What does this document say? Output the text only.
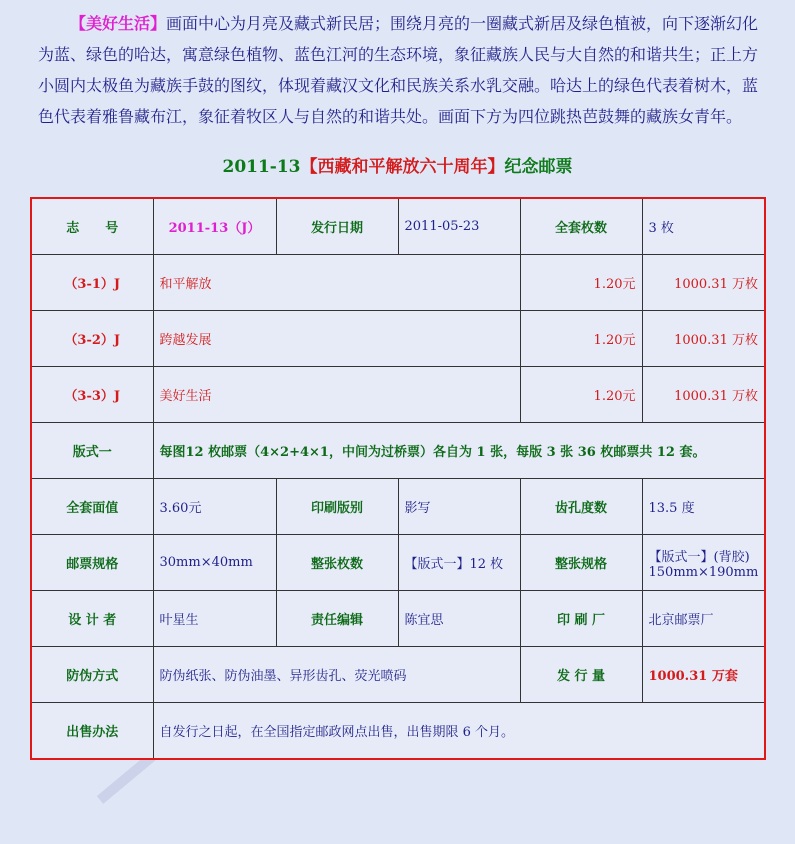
【美好生活】画面中心为月亮及藏式新民居；围绕月亮的一圈藏式新居及绿色植被，向下逐渐幻化为蓝、绿色的哈达，寓意绿色植物、蓝色江河的生态环境，象征藏族人民与大自然的和谐共生；正上方小圆内太极鱼为藏族手鼓的图纹，体现着藏汉文化和民族关系水乳交融。哈达上的绿色代表着树木，蓝色代表着雅鲁藏布江，象征着牧区人与自然的和谐共处。画面下方为四位跳热芭鼓舞的藏族女青年。
2011-13【西藏和平解放六十周年】纪念邮票
志　　号	2011-13（J）	发行日期	2011-05-23	全套枚数	3 枚
（3-1）J	和平解放			1.20元	1000.31 万枚
（3-2）J	跨越发展			1.20元	1000.31 万枚
（3-3）J	美好生活			1.20元	1000.31 万枚
版式一	每图12 枚邮票（4×2+4×1，中间为过桥票）各自为 1 张，每版 3 张 36 枚邮票共 12 套。				
全套面值	3.60元	印刷版别	影写	齿孔度数	13.5 度
邮票规格	30mm×40mm	整张枚数	【版式一】12 枚	整张规格	【版式一】(背胶)
150mm×190mm

设 计 者	叶星生	责任编辑	陈宜思	印 刷 厂	北京邮票厂
防伪方式	防伪纸张、防伪油墨、异形齿孔、荧光喷码			发 行 量	1000.31 万套
出售办法	自发行之日起，在全国指定邮政网点出售，出售期限 6 个月。				
